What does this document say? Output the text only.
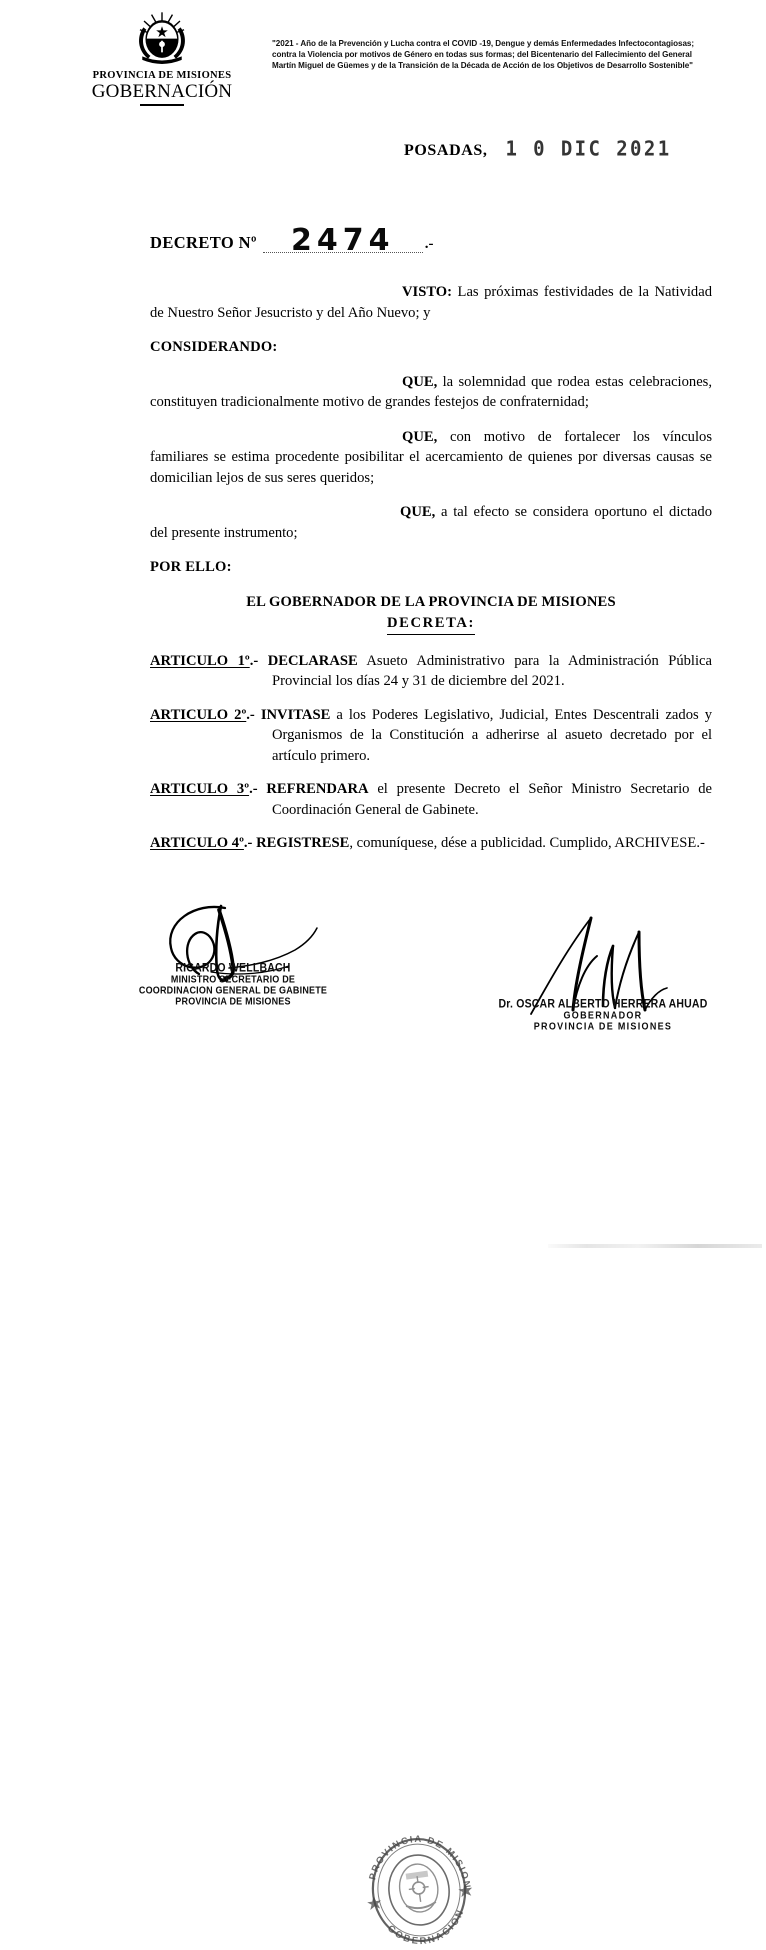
PROVINCIA DE MISIONES
GOBERNACIÓN
"2021 - Año de la Prevención y Lucha contra el COVID -19, Dengue y demás Enfermedades Infectocontagiosas;
contra la Violencia por motivos de Género en todas sus formas; del Bicentenario del Fallecimiento del General
Martín Miguel de Güemes y de la Transición de la Década de Acción de los Objetivos de Desarrollo Sostenible"
POSADAS, 1 0 DIC 2021
DECRETO Nº	2474	.-

VISTO: Las próximas festividades de la Natividad de Nuestro Señor Jesucristo y del Año Nuevo; y

CONSIDERANDO:

QUE, la solemnidad que rodea estas celebraciones, constituyen tradicionalmente motivo de grandes festejos de confraternidad;

QUE, con motivo de fortalecer los vínculos familiares se estima procedente posibilitar el acercamiento de quienes por diversas causas se domicilian lejos de sus seres queridos;

QUE, a tal efecto se considera oportuno el dictado del presente instrumento;

POR ELLO:

EL GOBERNADOR DE LA PROVINCIA DE MISIONES
DECRETA:

ARTICULO 1º.- DECLARASE Asueto Administrativo para la Administración Pública Provincial los días 24 y 31 de diciembre del 2021.

ARTICULO 2º.- INVITASE a los Poderes Legislativo, Judicial, Entes Descentrali zados y Organismos de la Constitución a adherirse al asueto decretado por el artículo primero.

ARTICULO 3º.- REFRENDARA el presente Decreto el Señor Ministro Secretario de Coordinación General de Gabinete.

ARTICULO 4º.- REGISTRESE, comuníquese, dése a publicidad. Cumplido, ARCHIVESE.-

RICARDO WELLBACH
MINISTRO SECRETARIO DE
COORDINACION GENERAL DE GABINETE
PROVINCIA DE MISIONES	Dr. OSCAR ALBERTO HERRERA AHUAD
GOBERNADOR
PROVINCIA DE MISIONES
PROVINCIA DE MISIONES
GOBERNACION
